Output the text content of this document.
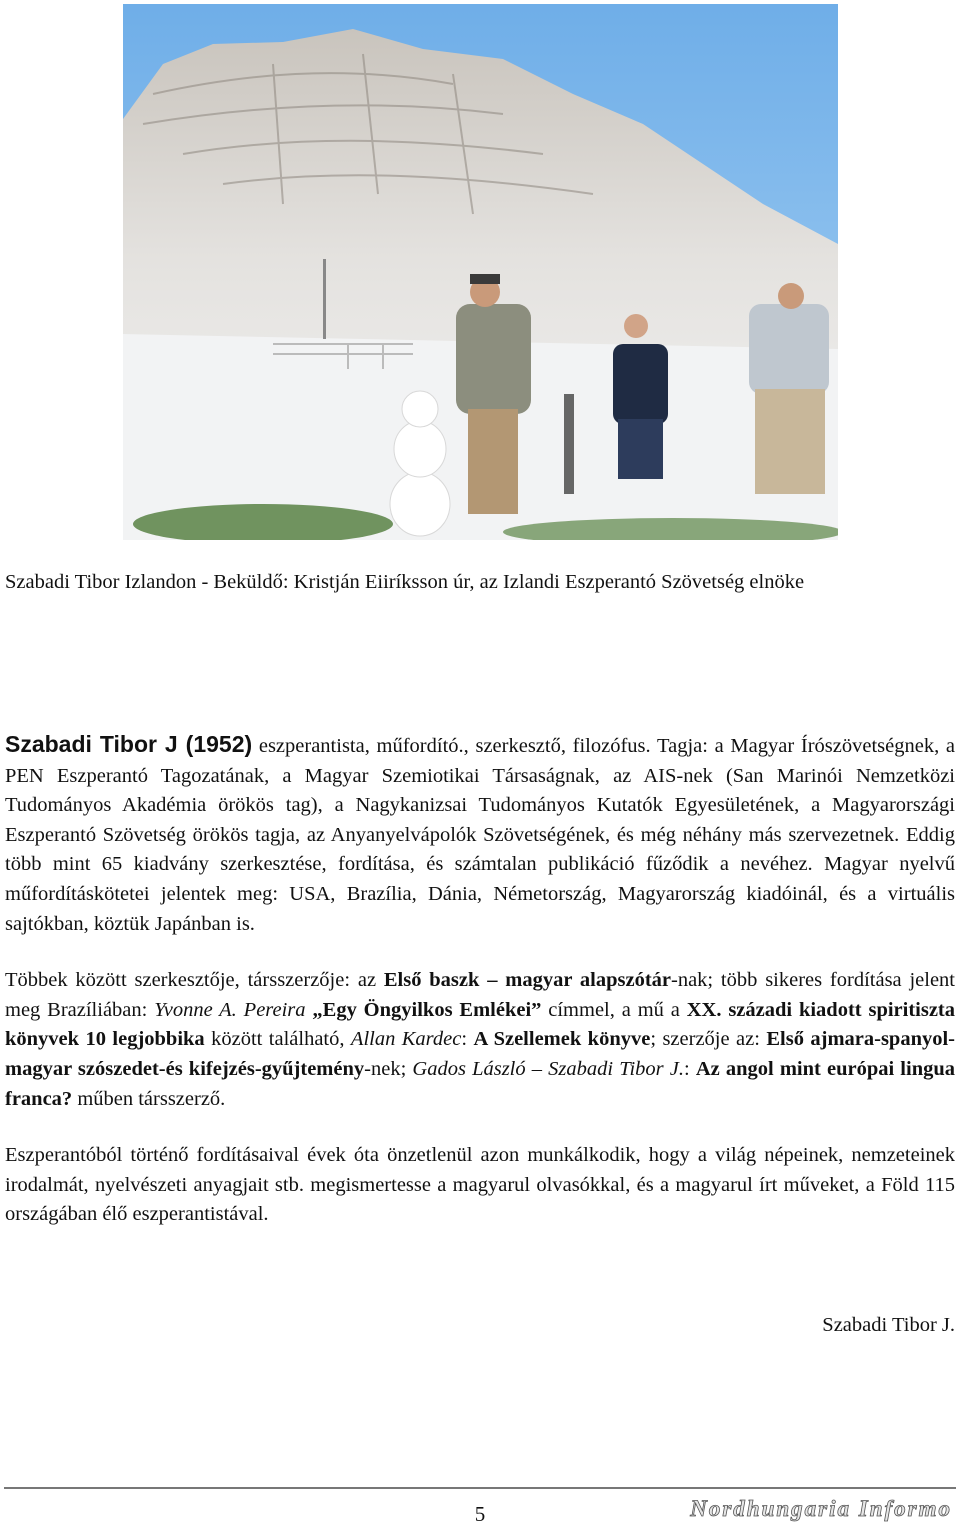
Szabadi Tibor Izlandon - Beküldő: Kristján Eiiríksson úr, az Izlandi Eszperantó Szövetség elnöke

Szabadi Tibor J (1952) eszperantista, műfordító., szerkesztő, filozófus. Tagja: a Magyar Írószövetségnek, a PEN Eszperantó Tagozatának, a Magyar Szemiotikai Társaságnak, az AIS-nek (San Marinói Nemzetközi Tudományos Akadémia örökös tag), a Nagykanizsai Tudományos Kutatók Egyesületének, a Magyarországi Eszperantó Szövetség örökös tagja, az Anyanyelvápolók Szövetségének, és még néhány más szervezetnek. Eddig több mint 65 kiadvány szerkesztése, fordítása, és számtalan publikáció fűződik a nevéhez. Magyar nyelvű műfordításkötetei jelentek meg: USA, Brazília, Dánia, Németország, Magyarország kiadóinál, és a virtuális sajtókban, köztük Japánban is.

Többek között szerkesztője, társszerzője: az Első baszk – magyar alapszótár-nak; több sikeres fordítása jelent meg Brazíliában: Yvonne A. Pereira „Egy Öngyilkos Emlékei” címmel, a mű a XX. századi kiadott spiritiszta könyvek 10 legjobbika között található, Allan Kardec: A Szellemek könyve; szerzője az: Első ajmara-spanyol-magyar szószedet-és kifejzés-gyűjtemény-nek; Gados László – Szabadi Tibor J.: Az angol mint európai lingua franca? műben társszerző.

Eszperantóból történő fordításaival évek óta önzetlenül azon munkálkodik, hogy a világ népeinek, nemzeteinek irodalmát, nyelvészeti anyagjait stb. megismertesse a magyarul olvasókkal, és a magyarul írt műveket, a Föld 115 országában élő eszperantistával.

Szabadi Tibor J.
5	Nordhungaria Informo
